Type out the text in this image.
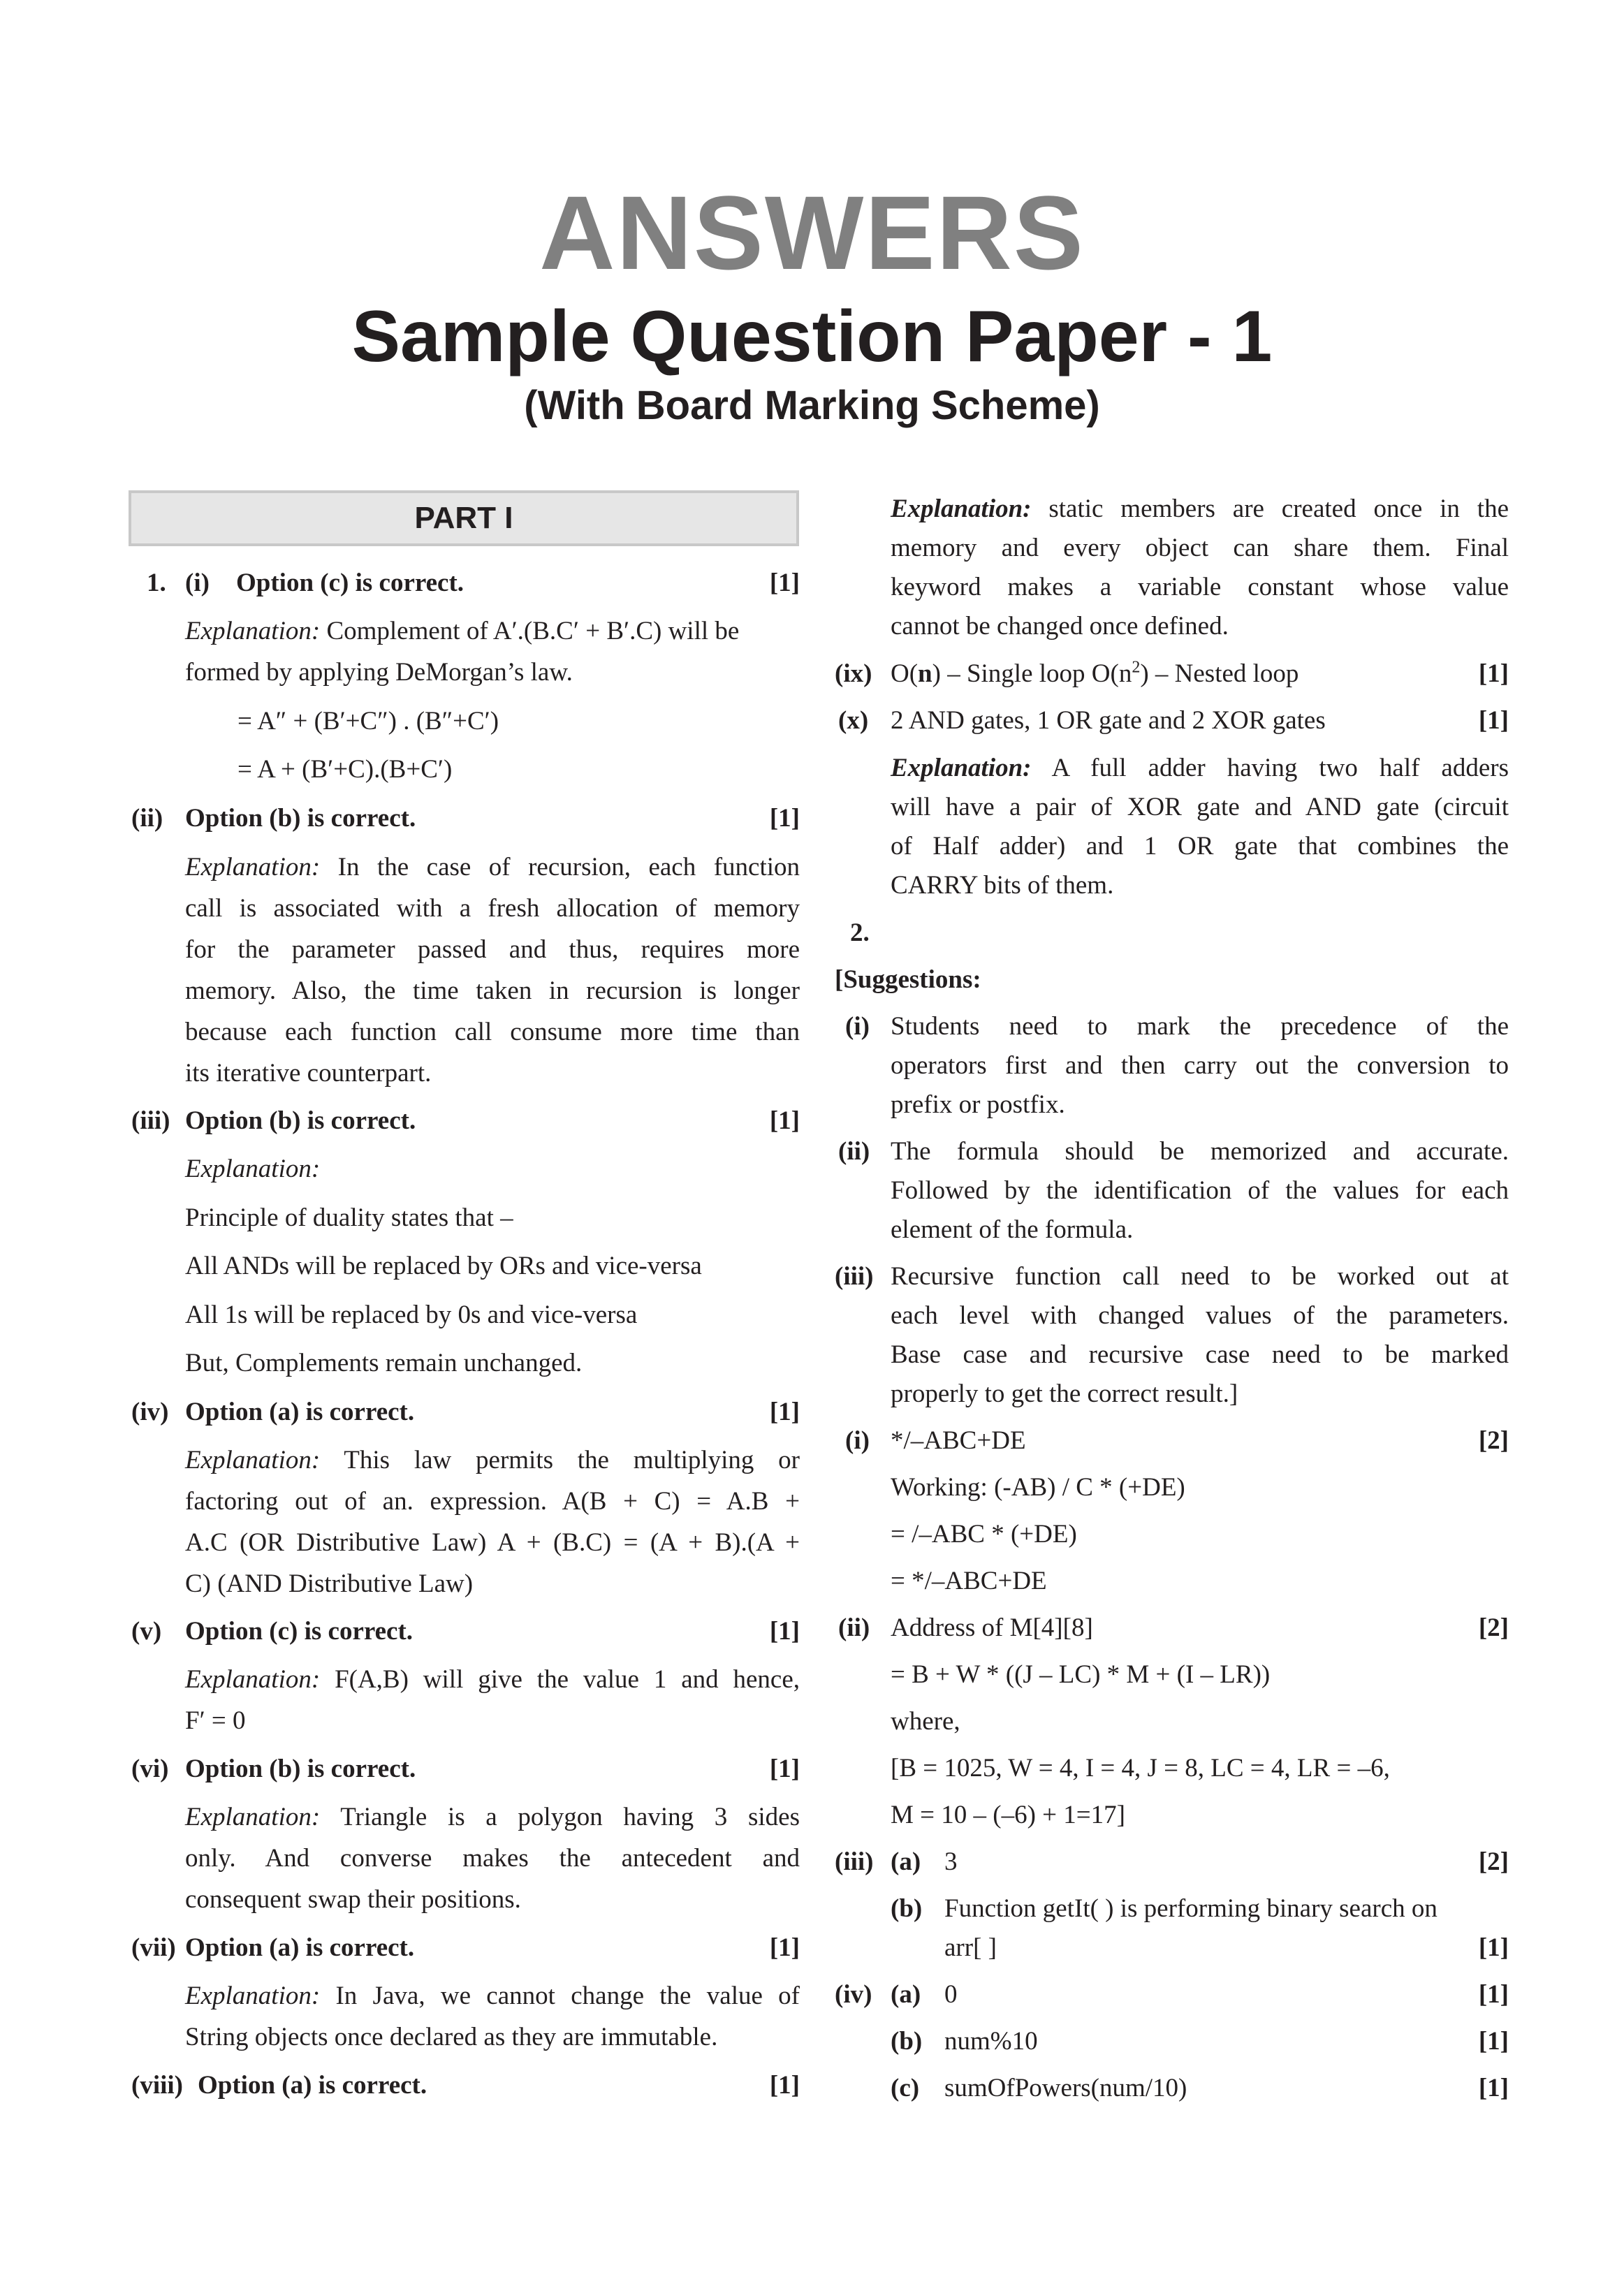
ANSWERS
Sample Question Paper - 1
(With Board Marking Scheme)
PART I
1. (i) Option (c) is correct.	[1]
Explanation: Complement of A′.(B.C′ + B′.C) will be
formed by applying DeMorgan’s law.
= A″ + (B′+C″) . (B″+C′)
= A + (B′+C).(B+C′)
(ii) Option (b) is correct.	[1]
Explanation: In the case of recursion, each function
call is associated with a fresh allocation of memory
for the parameter passed and thus, requires more
memory. Also, the time taken in recursion is longer
because each function call consume more time than
its iterative counterpart.
(iii) Option (b) is correct.	[1]
Explanation:
Principle of duality states that –
All ANDs will be replaced by ORs and vice-versa
All 1s will be replaced by 0s and vice-versa
But, Complements remain unchanged.
(iv) Option (a) is correct.	[1]
Explanation: This law permits the multiplying or
factoring out of an. expression. A(B + C) = A.B +
A.C (OR Distributive Law) A + (B.C) = (A + B).(A +
C) (AND Distributive Law)
(v) Option (c) is correct.	[1]
Explanation: F(A,B) will give the value 1 and hence,
F′ = 0
(vi) Option (b) is correct.	[1]
Explanation: Triangle is a polygon having 3 sides
only. And converse makes the antecedent and
consequent swap their positions.
(vii) Option (a) is correct.	[1]
Explanation: In Java, we cannot change the value of
String objects once declared as they are immutable.
(viii) Option (a) is correct.	[1]
Explanation: static members are created once in the
memory and every object can share them. Final
keyword makes a variable constant whose value
cannot be changed once defined.
(ix) O(n) – Single loop $O(n^2)$ – Nested loop	[1]
(x) 2 AND gates, 1 OR gate and 2 XOR gates	[1]
Explanation: A full adder having two half adders
will have a pair of XOR gate and AND gate (circuit
of Half adder) and 1 OR gate that combines the
CARRY bits of them.
2.
[Suggestions:
(i) Students need to mark the precedence of the
operators first and then carry out the conversion to
prefix or postfix.
(ii) The formula should be memorized and accurate.
Followed by the identification of the values for each
element of the formula.
(iii) Recursive function call need to be worked out at
each level with changed values of the parameters.
Base case and recursive case need to be marked
properly to get the correct result.]
(i) */–ABC+DE	[2]
Working: (-AB) / C * (+DE)
= /–ABC * (+DE)
= */–ABC+DE
(ii) Address of M[4][8]	[2]
= B + W * ((J – LC) * M + (I – LR))
where,
[B = 1025, W = 4, I = 4, J = 8, LC = 4, LR = –6,
M = 10 – (–6) + 1=17]
(iii) (a) 3	[2]
(b) Function getIt( ) is performing binary search on
arr[ ]	[1]
(iv) (a) 0	[1]
(b) num%10	[1]
(c) sumOfPowers(num/10)	[1]
